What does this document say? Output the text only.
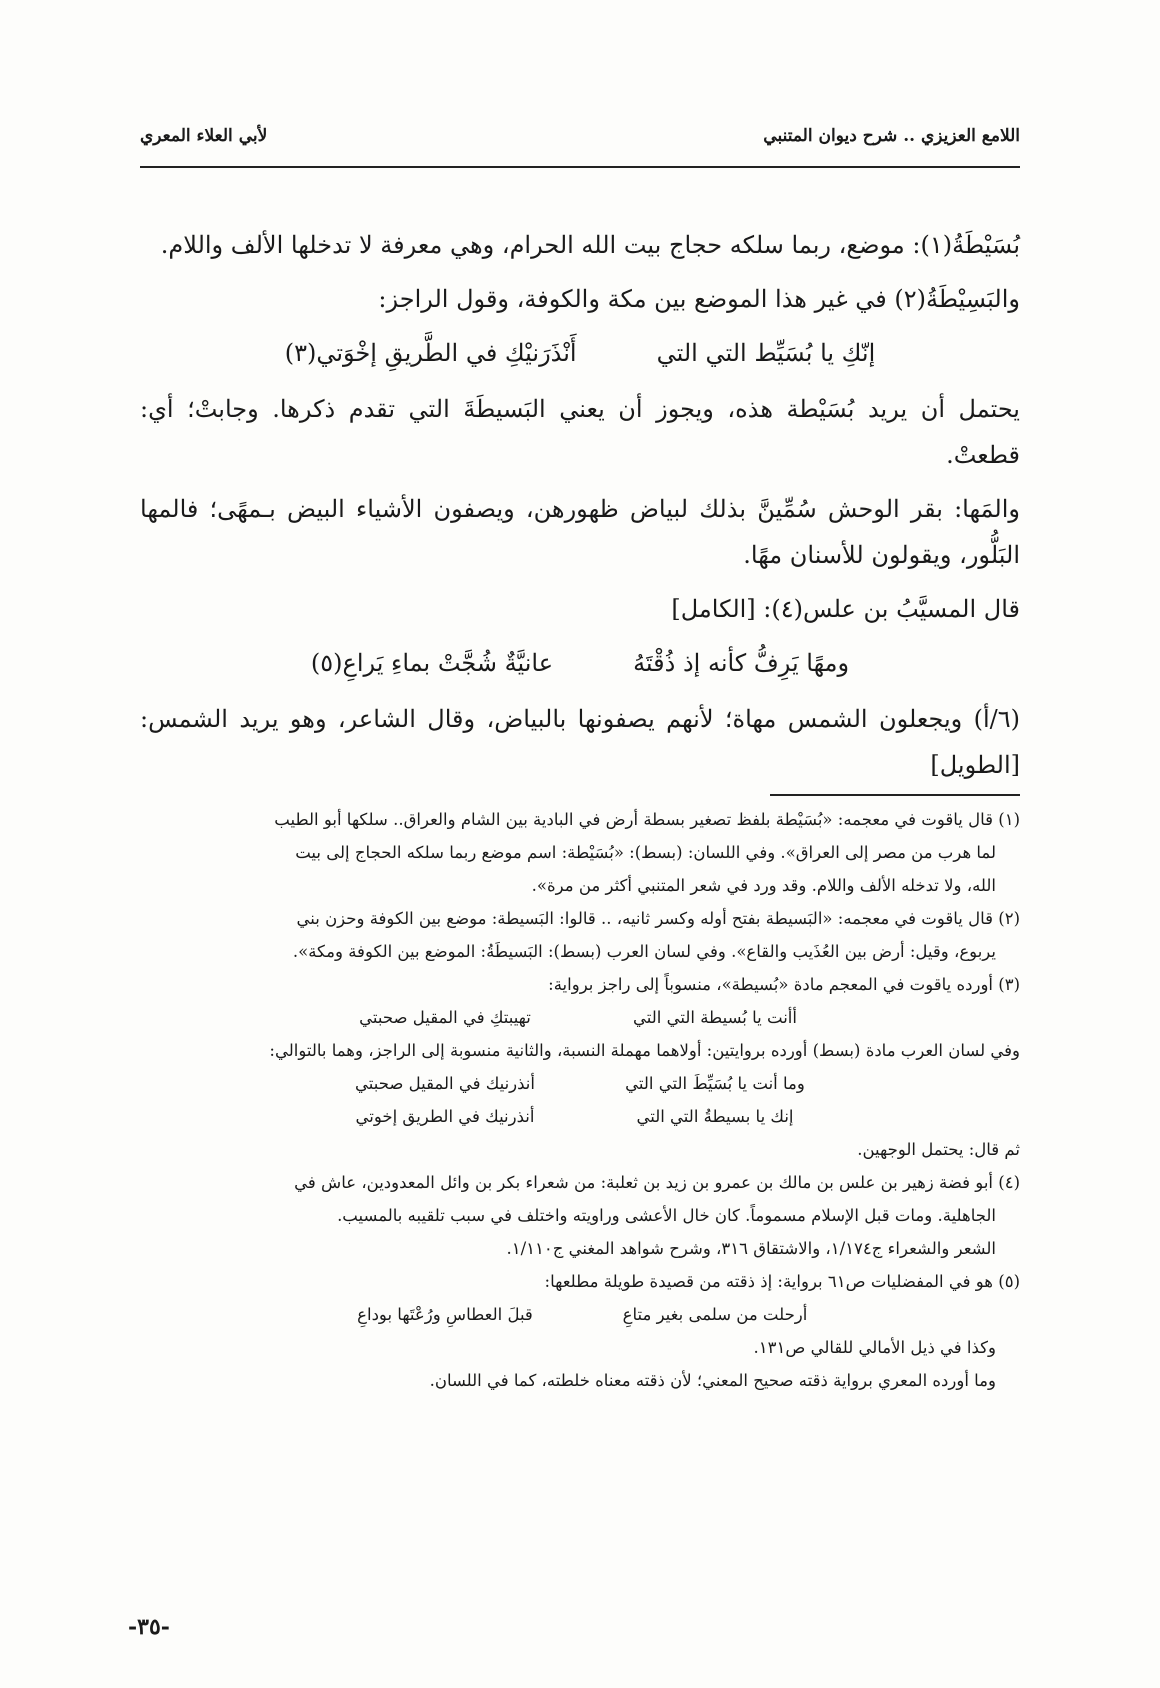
اللامع العزيزي .. شرح ديوان المتنبي
لأبي العلاء المعري

بُسَيْطَةُ(١): موضع، ربما سلكه حجاج بيت الله الحرام، وهي معرفة لا تدخلها الألف واللام.

والبَسِيْطَةُ(٢) في غير هذا الموضع بين مكة والكوفة، وقول الراجز:

إنّكِ يا بُسَيِّط التي التي
أَنْذَرَنيْكِ في الطَّريقِ إخْوَتي(٣)

يحتمل أن يريد بُسَيْطة هذه، ويجوز أن يعني البَسيطَةَ التي تقدم ذكرها. وجابتْ؛ أي: قطعتْ.

والمَها: بقر الوحش سُمِّينَّ بذلك لبياض ظهورهن، ويصفون الأشياء البيض بـمهًى؛ فالمها البَلُّور، ويقولون للأسنان مهًا.

قال المسيَّبُ بن علس(٤): [الكامل]

ومهًا يَرِفُّ كأنه إذ ذُقْتَهُ
عانيَّةٌ شُجَّتْ بماءِ يَراعِ(٥)

(٦/أ) ويجعلون الشمس مهاة؛ لأنهم يصفونها بالبياض، وقال الشاعر، وهو يريد الشمس: [الطويل]

(١) قال ياقوت في معجمه: «بُسَيْطة بلفظ تصغير بسطة أرض في البادية بين الشام والعراق.. سلكها أبو الطيب

لما هرب من مصر إلى العراق». وفي اللسان: (بسط): «بُسَيْطة: اسم موضع ربما سلكه الحجاج إلى بيت

الله، ولا تدخله الألف واللام. وقد ورد في شعر المتنبي أكثر من مرة».

(٢) قال ياقوت في معجمه: «البَسيطة بفتح أوله وكسر ثانيه، .. قالوا: البَسيطة: موضع بين الكوفة وحزن بني

يربوع، وقيل: أرض بين العُذَيب والقاع». وفي لسان العرب (بسط): البَسيطَةُ: الموضع بين الكوفة ومكة».

(٣) أورده ياقوت في المعجم مادة «بُسيطة»، منسوباً إلى راجز برواية:

أأنت يا بُسيطة التي التي
تهيبتكِ في المقيل صحبتي

وفي لسان العرب مادة (بسط) أورده بروايتين: أولاهما مهملة النسبة، والثانية منسوبة إلى الراجز، وهما بالتوالي:

وما أنت يا بُسَيِّطَ التي التي
أنذرنيك في المقيل صحبتي
إنك يا بسيطةُ التي التي
أنذرنيك في الطريق إخوتي

ثم قال: يحتمل الوجهين.

(٤) أبو فضة زهير بن علس بن مالك بن عمرو بن زيد بن ثعلبة: من شعراء بكر بن وائل المعدودين، عاش في

الجاهلية. ومات قبل الإسلام مسموماً. كان خال الأعشى وراويته واختلف في سبب تلقيبه بالمسيب.

الشعر والشعراء ج١/١٧٤، والاشتقاق ٣١٦، وشرح شواهد المغني ج١/١١٠.

(٥) هو في المفضليات ص٦١ برواية: إذ ذقته من قصيدة طويلة مطلعها:

أرحلت من سلمى بغير متاعِ
قبلَ العطاسِ ورُعْتَها بوداعِ

وكذا في ذيل الأمالي للقالي ص١٣١.

وما أورده المعري برواية ذقته صحيح المعني؛ لأن ذقته معناه خلطته، كما في اللسان.

-٣٥-
